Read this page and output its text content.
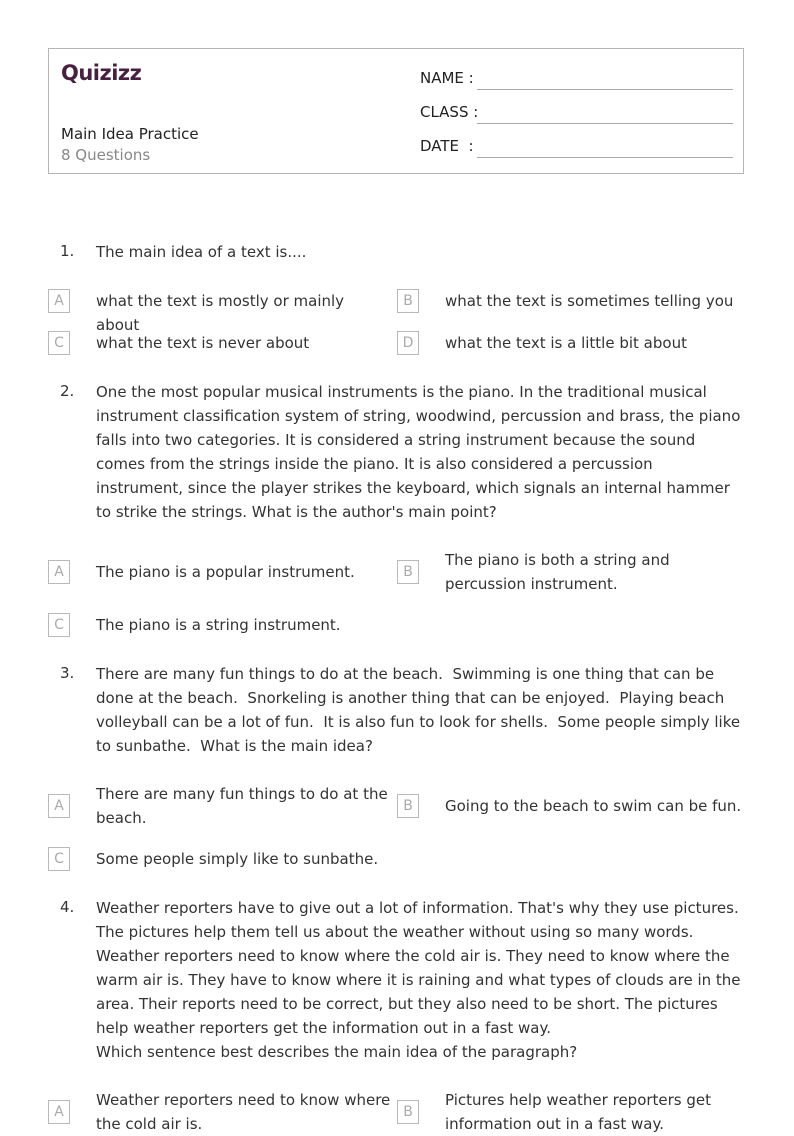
Quizizz
Main Idea Practice
8 Questions
NAME :
CLASS :
DATE  :
1. The main idea of a text is....
A	what the text is mostly or mainly about
B	what the text is sometimes telling you
C	what the text is never about	D	what the text is a little bit about
2. One the most popular musical instruments is the piano. In the traditional musical instrument classification system of string, woodwind, percussion and brass, the piano falls into two categories. It is considered a string instrument because the sound comes from the strings inside the piano. It is also considered a percussion instrument, since the player strikes the keyboard, which signals an internal hammer to strike the strings. What is the author's main point?
A	The piano is a popular instrument.	B
The piano is both a string and percussion instrument.
C	The piano is a string instrument.
3. There are many fun things to do at the beach.  Swimming is one thing that can be done at the beach.  Snorkeling is another thing that can be enjoyed.  Playing beach volleyball can be a lot of fun.  It is also fun to look for shells.  Some people simply like to sunbathe.  What is the main idea?
A
There are many fun things to do at the beach.
B	Going to the beach to swim can be fun.
C	Some people simply like to sunbathe.
4. Weather reporters have to give out a lot of information. That's why they use pictures. The pictures help them tell us about the weather without using so many words. Weather reporters need to know where the cold air is. They need to know where the warm air is. They have to know where it is raining and what types of clouds are in the area. Their reports need to be correct, but they also need to be short. The pictures help weather reporters get the information out in a fast way.
Which sentence best describes the main idea of the paragraph?
A
Weather reporters need to know where the cold air is.
B
Pictures help weather reporters get information out in a fast way.
